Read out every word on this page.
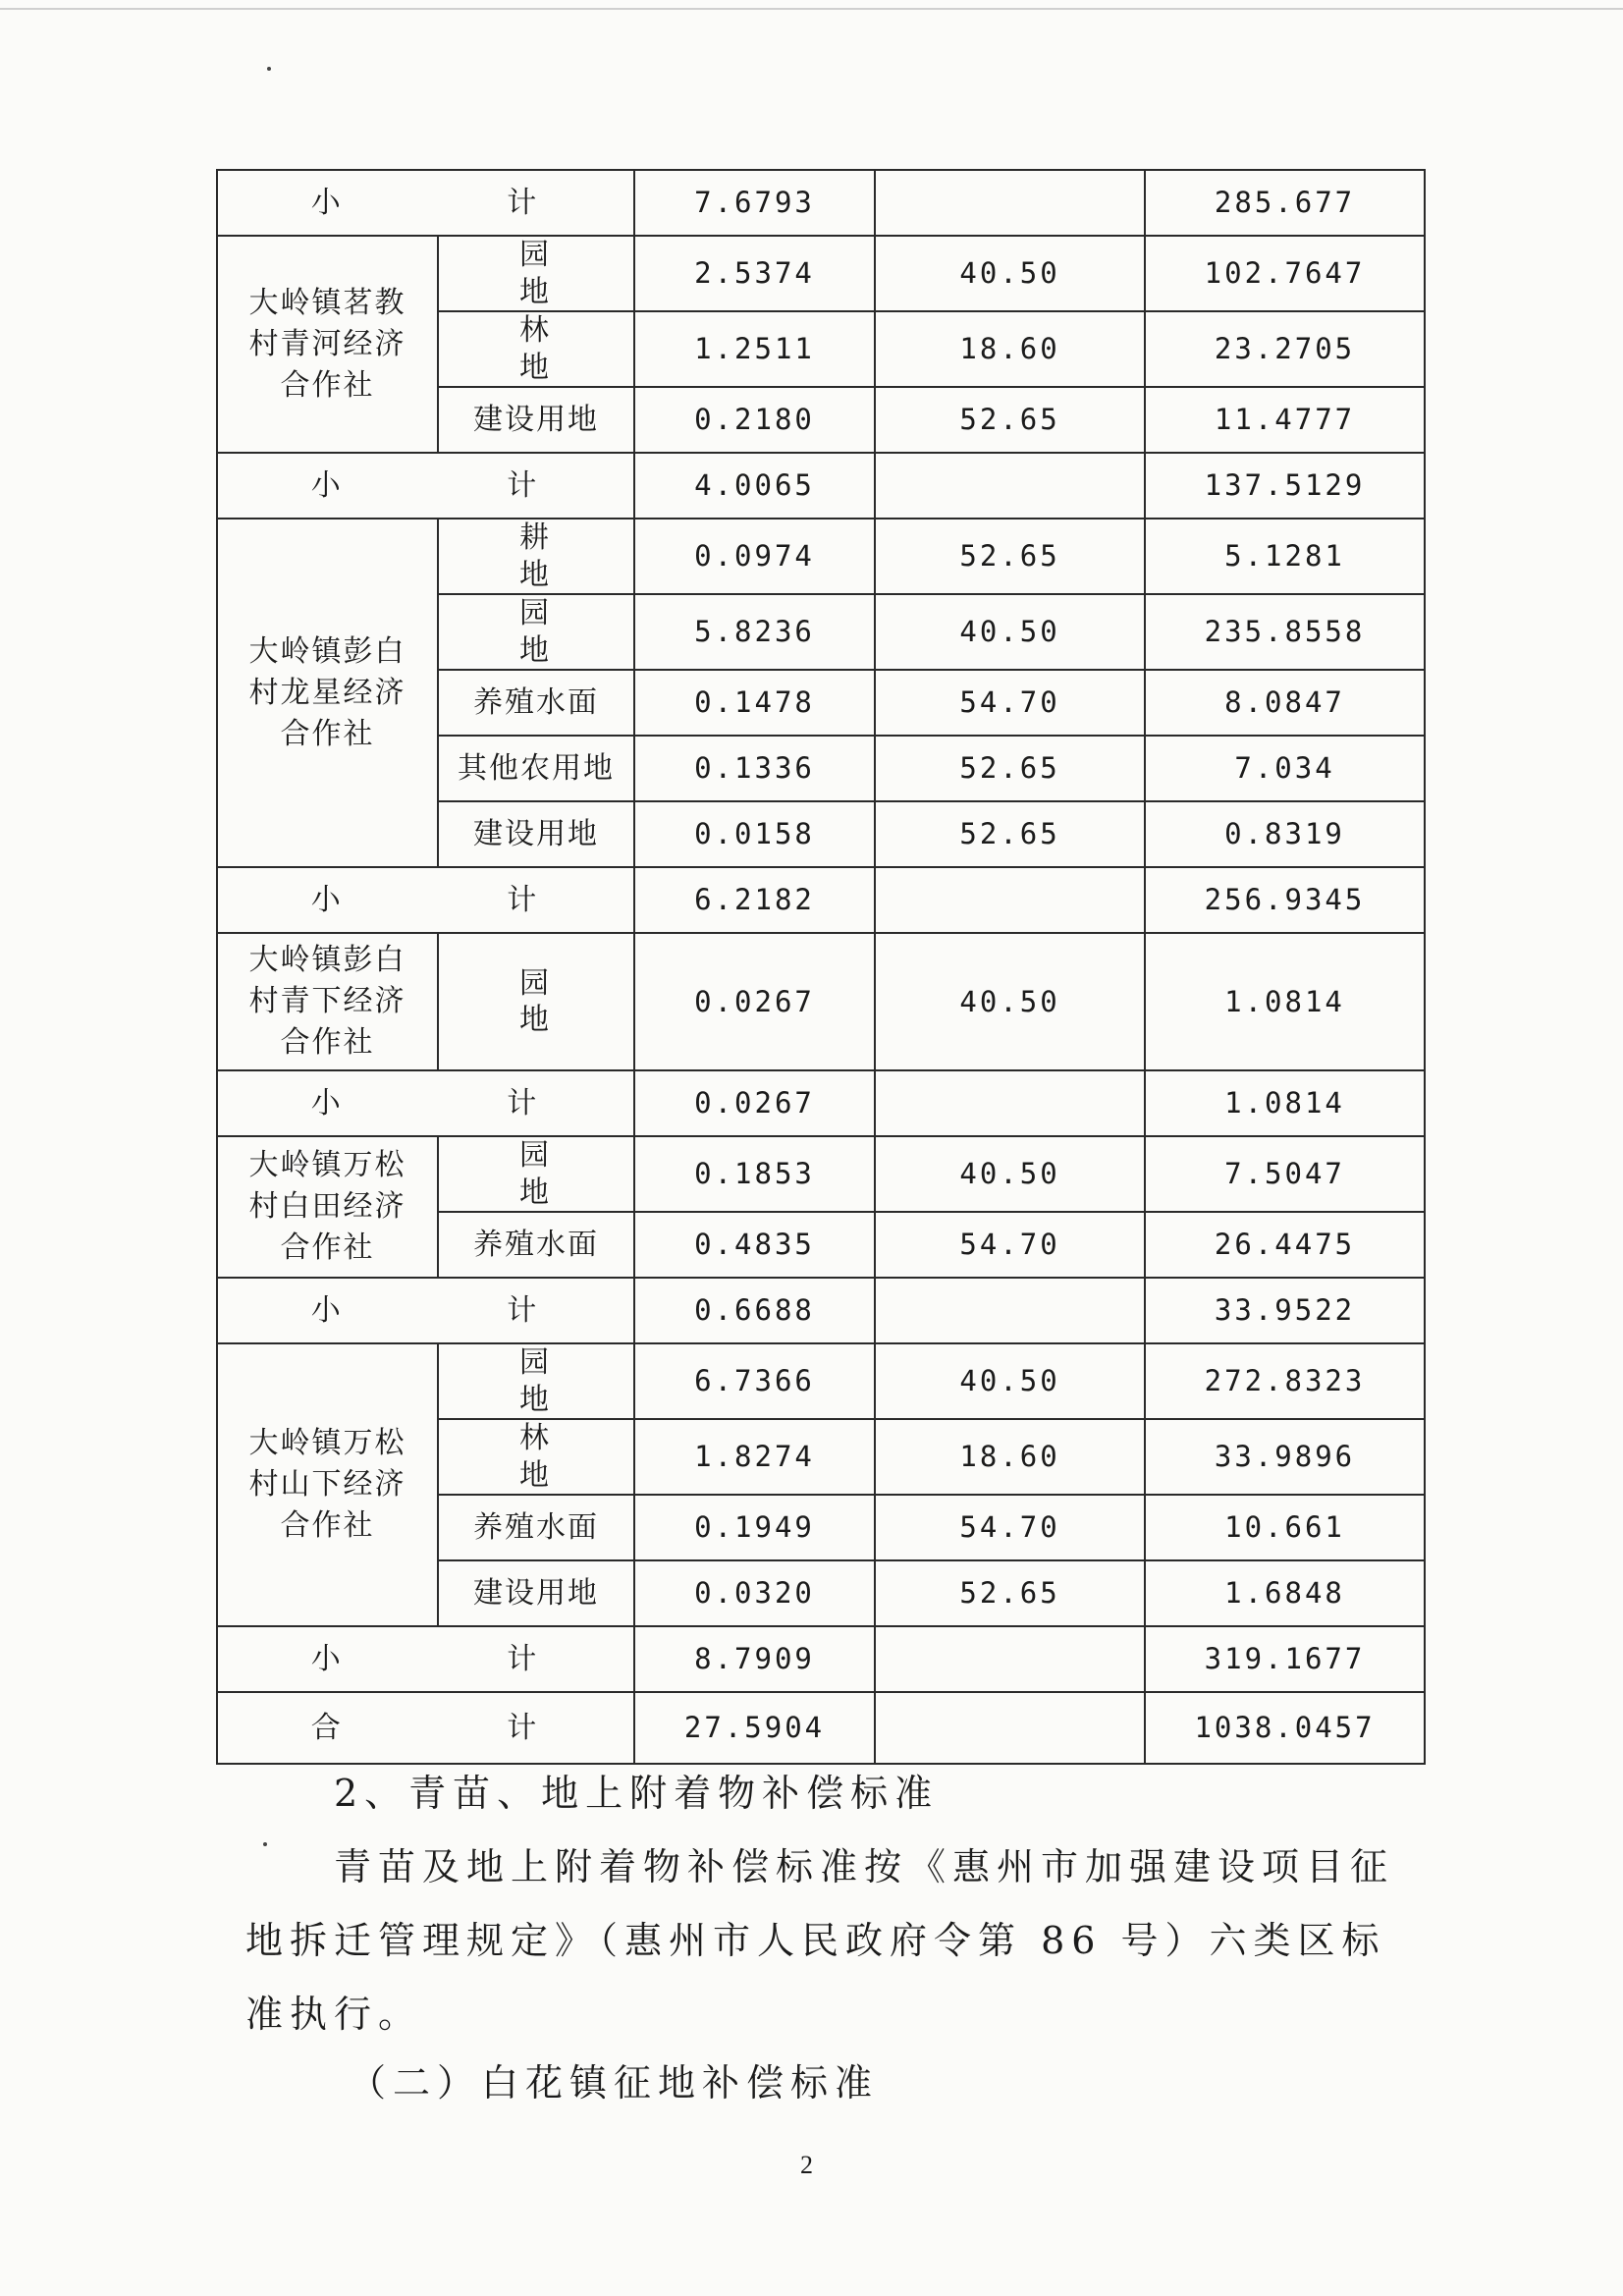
小 计		7.6793		285.677
大岭镇茗教村青河经济合作社	园 地	2.5374	40.50	102.7647
	林 地	1.2511	18.60	23.2705
	建设用地	0.2180	52.65	11.4777
小 计		4.0065		137.5129
大岭镇彭白村龙星经济合作社	耕 地	0.0974	52.65	5.1281
	园 地	5.8236	40.50	235.8558
	养殖水面	0.1478	54.70	8.0847
	其他农用地	0.1336	52.65	7.034
	建设用地	0.0158	52.65	0.8319
小 计		6.2182		256.9345
大岭镇彭白村青下经济合作社	园 地	0.0267	40.50	1.0814
小 计		0.0267		1.0814
大岭镇万松村白田经济合作社	园 地	0.1853	40.50	7.5047
	养殖水面	0.4835	54.70	26.4475
小 计		0.6688		33.9522
大岭镇万松村山下经济合作社	园 地	6.7366	40.50	272.8323
	林 地	1.8274	18.60	33.9896
	养殖水面	0.1949	54.70	10.661
	建设用地	0.0320	52.65	1.6848
小 计		8.7909		319.1677
合 计		27.5904		1038.0457
2、青苗、地上附着物补偿标准
青苗及地上附着物补偿标准按《惠州市加强建设项目征
地拆迁管理规定》（惠州市人民政府令第 86 号）六类区标
准执行。
（二）白花镇征地补偿标准
2
